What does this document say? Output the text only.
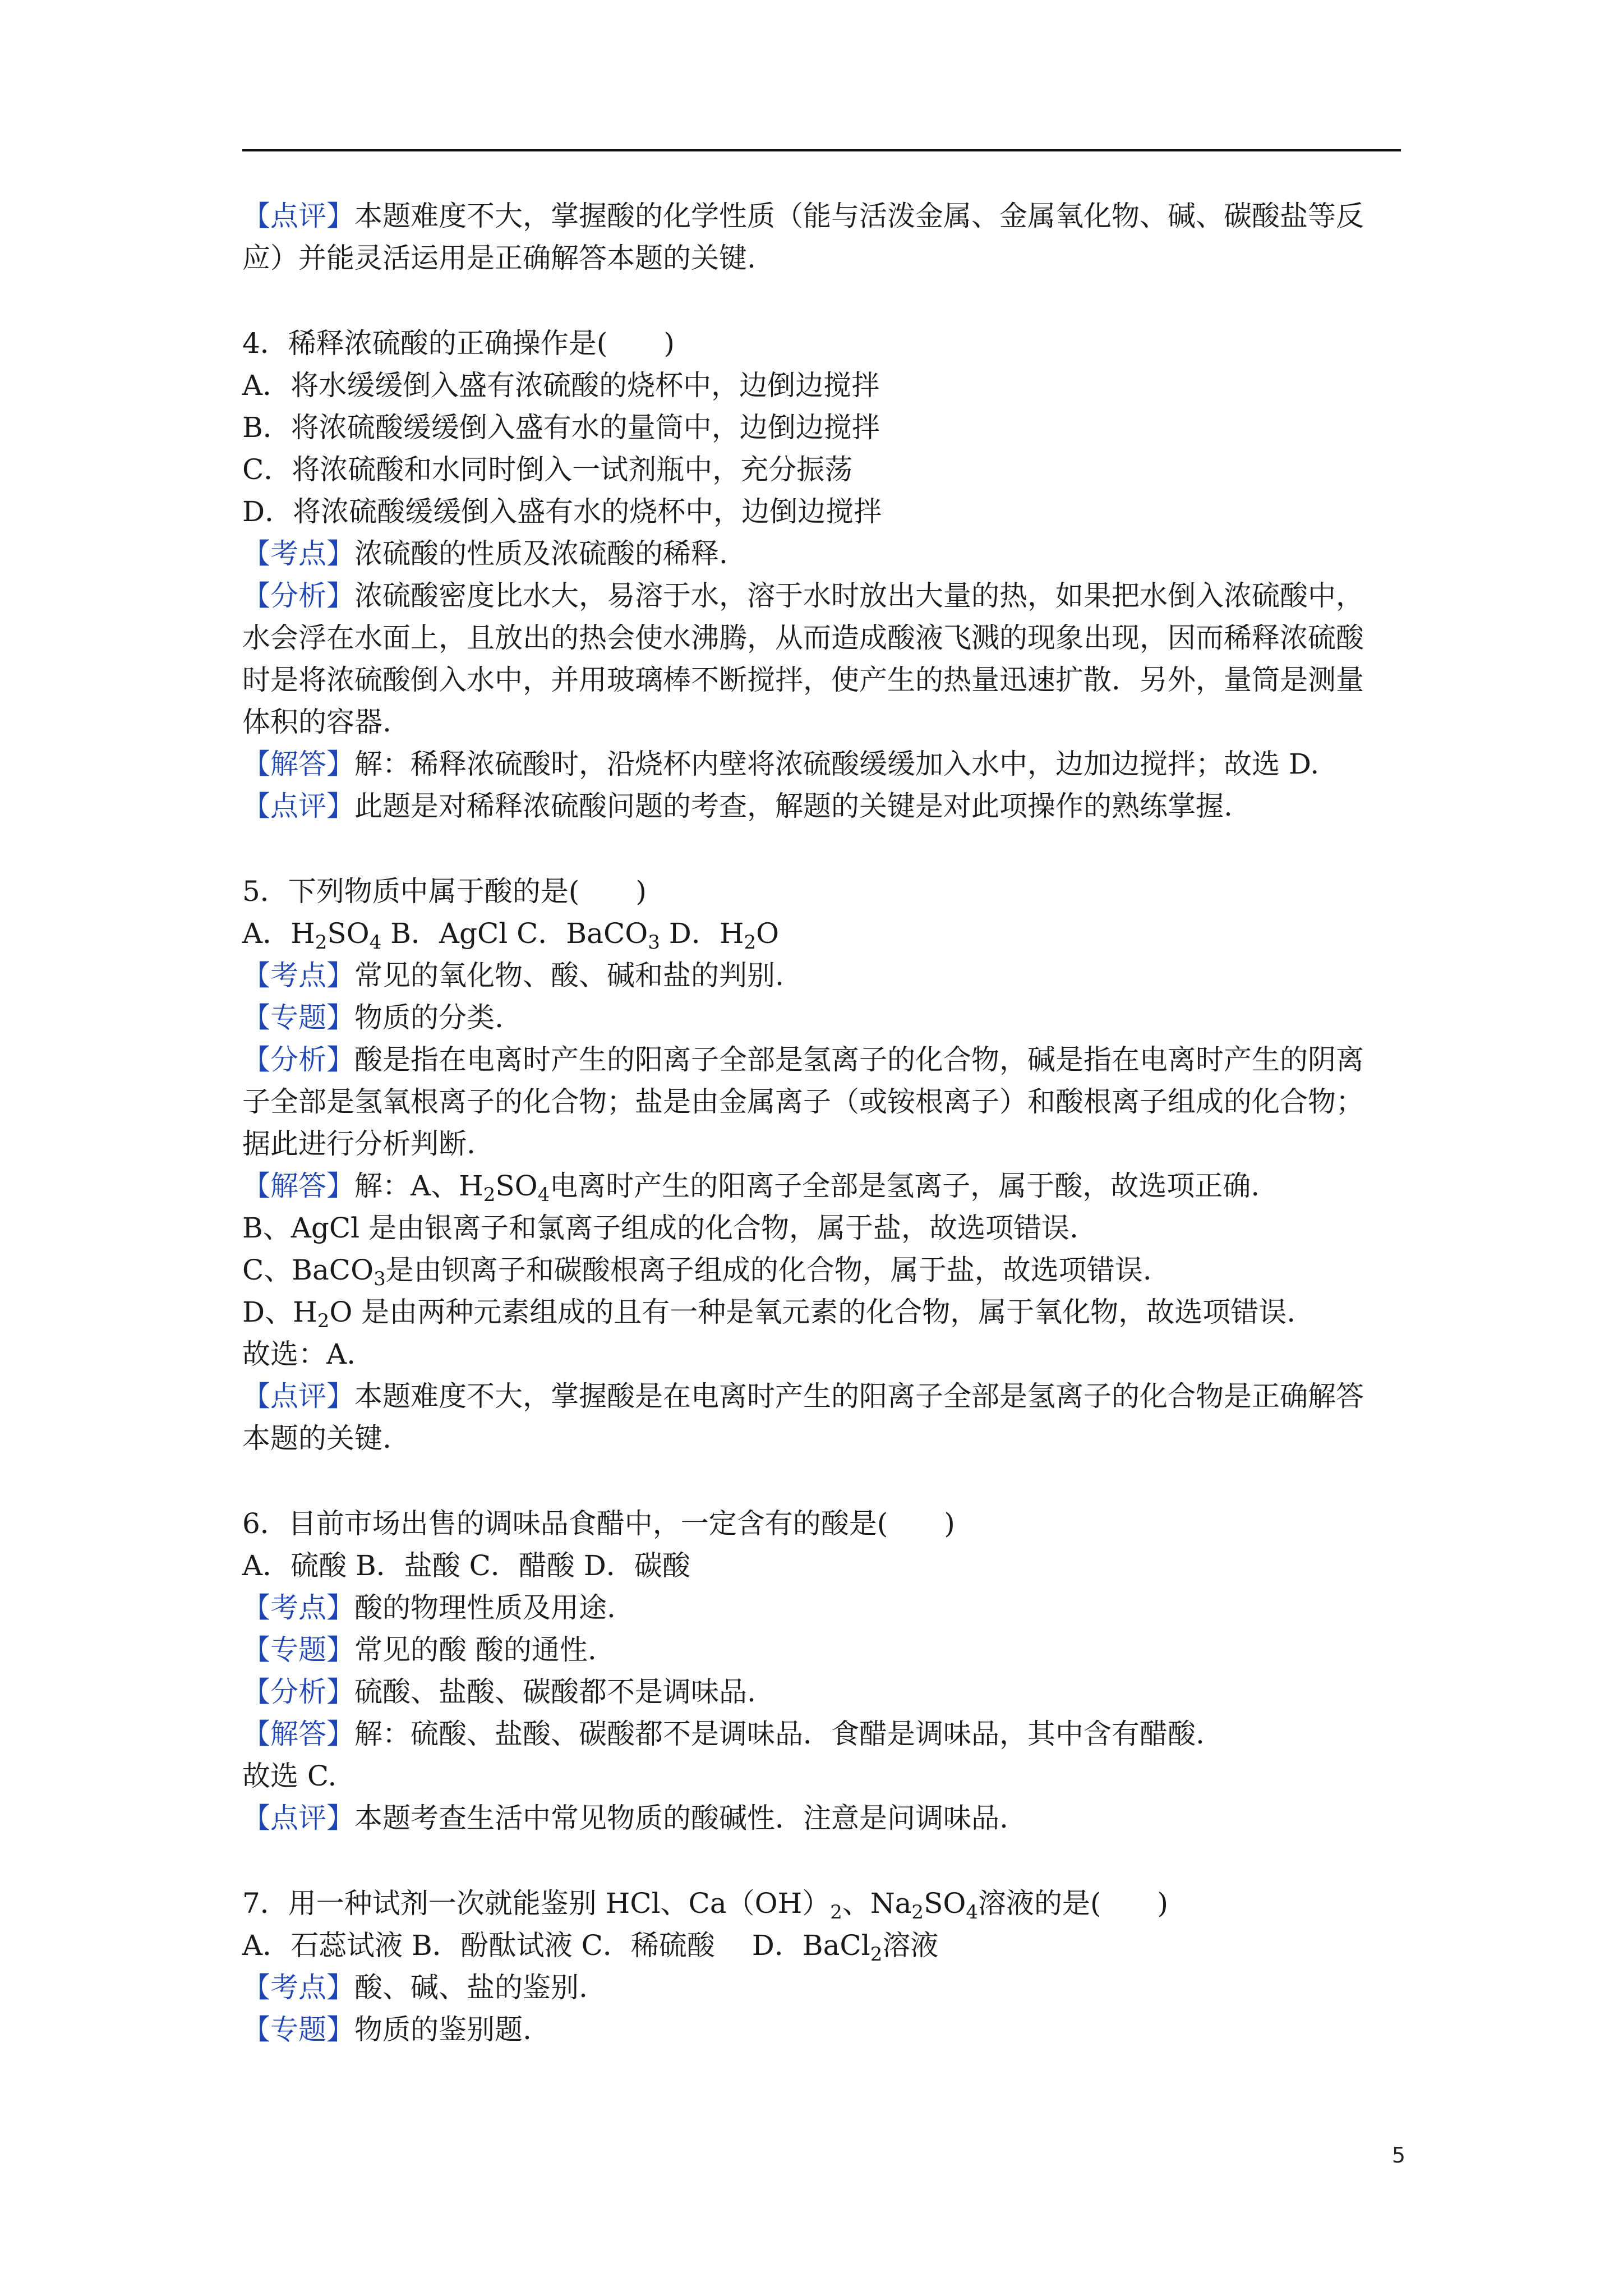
【点评】本题难度不大，掌握酸的化学性质（能与活泼金属、金属氧化物、碱、碳酸盐等反
应）并能灵活运用是正确解答本题的关键.
4．稀释浓硫酸的正确操作是(　　)
A．将水缓缓倒入盛有浓硫酸的烧杯中，边倒边搅拌
B．将浓硫酸缓缓倒入盛有水的量筒中，边倒边搅拌
C．将浓硫酸和水同时倒入一试剂瓶中，充分振荡
D．将浓硫酸缓缓倒入盛有水的烧杯中，边倒边搅拌
【考点】浓硫酸的性质及浓硫酸的稀释.
【分析】浓硫酸密度比水大，易溶于水，溶于水时放出大量的热，如果把水倒入浓硫酸中，
水会浮在水面上，且放出的热会使水沸腾，从而造成酸液飞溅的现象出现，因而稀释浓硫酸
时是将浓硫酸倒入水中，并用玻璃棒不断搅拌，使产生的热量迅速扩散．另外，量筒是测量
体积的容器.
【解答】解：稀释浓硫酸时，沿烧杯内壁将浓硫酸缓缓加入水中，边加边搅拌；故选 D.
【点评】此题是对稀释浓硫酸问题的考查，解题的关键是对此项操作的熟练掌握.
5．下列物质中属于酸的是(　　)
A．$H_2SO_4$ B．AgCl C．BaCO$_3$ D．$H_2O$
【考点】常见的氧化物、酸、碱和盐的判别.
【专题】物质的分类.
【分析】酸是指在电离时产生的阳离子全部是氢离子的化合物，碱是指在电离时产生的阴离
子全部是氢氧根离子的化合物；盐是由金属离子（或铵根离子）和酸根离子组成的化合物；
据此进行分析判断.
【解答】解：A、$H_2SO_4$电离时产生的阳离子全部是氢离子，属于酸，故选项正确.
B、AgCl 是由银离子和氯离子组成的化合物，属于盐，故选项错误.
C、BaCO$_3$是由钡离子和碳酸根离子组成的化合物，属于盐，故选项错误.
D、$H_2O$ 是由两种元素组成的且有一种是氧元素的化合物，属于氧化物，故选项错误.
故选：A.
【点评】本题难度不大，掌握酸是在电离时产生的阳离子全部是氢离子的化合物是正确解答
本题的关键.
6．目前市场出售的调味品食醋中，一定含有的酸是(　　)
A．硫酸 B．盐酸 C．醋酸 D．碳酸
【考点】酸的物理性质及用途.
【专题】常见的酸 酸的通性.
【分析】硫酸、盐酸、碳酸都不是调味品.
【解答】解：硫酸、盐酸、碳酸都不是调味品．食醋是调味品，其中含有醋酸.
故选 C.
【点评】本题考查生活中常见物质的酸碱性．注意是问调味品.
7．用一种试剂一次就能鉴别 HCl、$Ca(OH)_2$、$Na_2SO_4$溶液的是(　　)
A．石蕊试液 B．酚酞试液 C．稀硫酸　 D．BaCl$_2$溶液
【考点】酸、碱、盐的鉴别.
【专题】物质的鉴别题.
5
